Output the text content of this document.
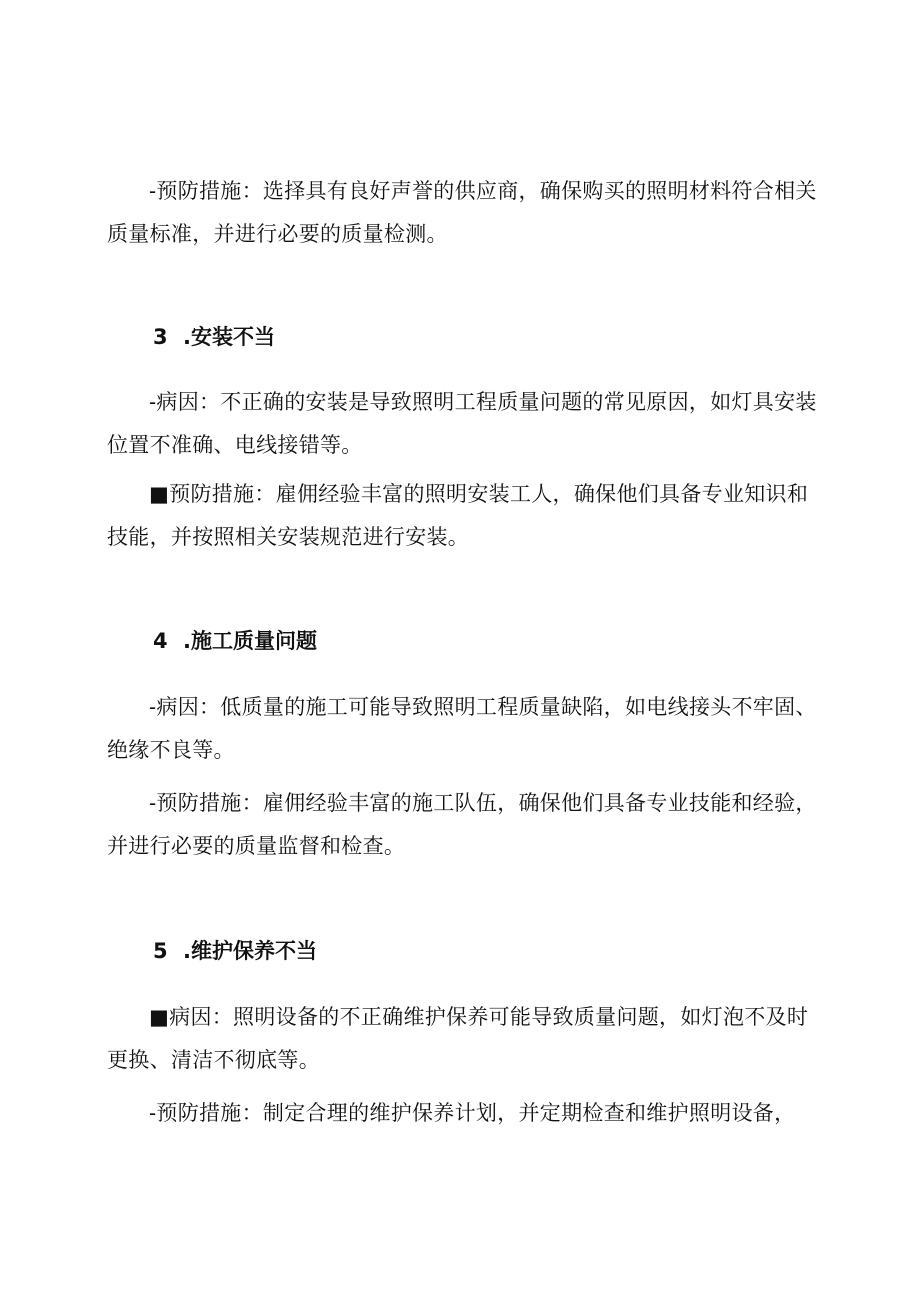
-预防措施：选择具有良好声誉的供应商，确保购买的照明材料符合相关质量标准，并进行必要的质量检测。

3 .安装不当

-病因：不正确的安装是导致照明工程质量问题的常见原因，如灯具安装位置不准确、电线接错等。

■预防措施：雇佣经验丰富的照明安装工人，确保他们具备专业知识和技能，并按照相关安装规范进行安装。

4 .施工质量问题

-病因：低质量的施工可能导致照明工程质量缺陷，如电线接头不牢固、绝缘不良等。

-预防措施：雇佣经验丰富的施工队伍，确保他们具备专业技能和经验，并进行必要的质量监督和检查。

5 .维护保养不当

■病因：照明设备的不正确维护保养可能导致质量问题，如灯泡不及时更换、清洁不彻底等。

-预防措施：制定合理的维护保养计划，并定期检查和维护照明设备，
